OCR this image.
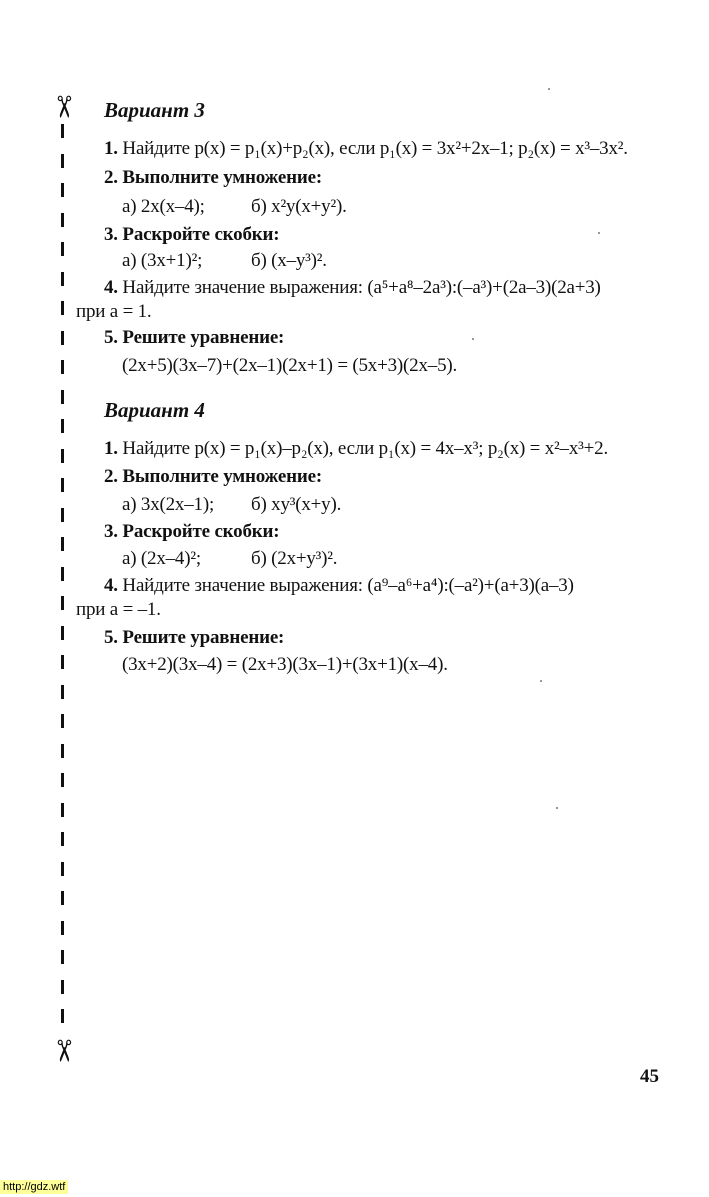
✂
✂
Вариант 3
1. Найдите p(x) = p₁(x)+p₂(x), если p₁(x) = 3x²+2x–1; p₂(x) = x³–3x².
2. Выполните умножение:
а) 2x(x–4); б) x²y(x+y²).
3. Раскройте скобки:
а) (3x+1)²;	б) (x–y³)².
4. Найдите значение выражения: (a⁵+a⁸–2a³):(–a³)+(2a–3)(2a+3)
при a = 1.
5. Решите уравнение:
(2x+5)(3x–7)+(2x–1)(2x+1) = (5x+3)(2x–5).
Вариант 4
1. Найдите p(x) = p₁(x)–p₂(x), если p₁(x) = 4x–x³; p₂(x) = x²–x³+2.
2. Выполните умножение:
а) 3x(2x–1); б) xy³(x+y).
3. Раскройте скобки:
а) (2x–4)²;	б) (2x+y³)².
4. Найдите значение выражения: (a⁹–a⁶+a⁴):(–a²)+(a+3)(a–3)
при a = –1.
5. Решите уравнение:
(3x+2)(3x–4) = (2x+3)(3x–1)+(3x+1)(x–4).
45
http://gdz.wtf
